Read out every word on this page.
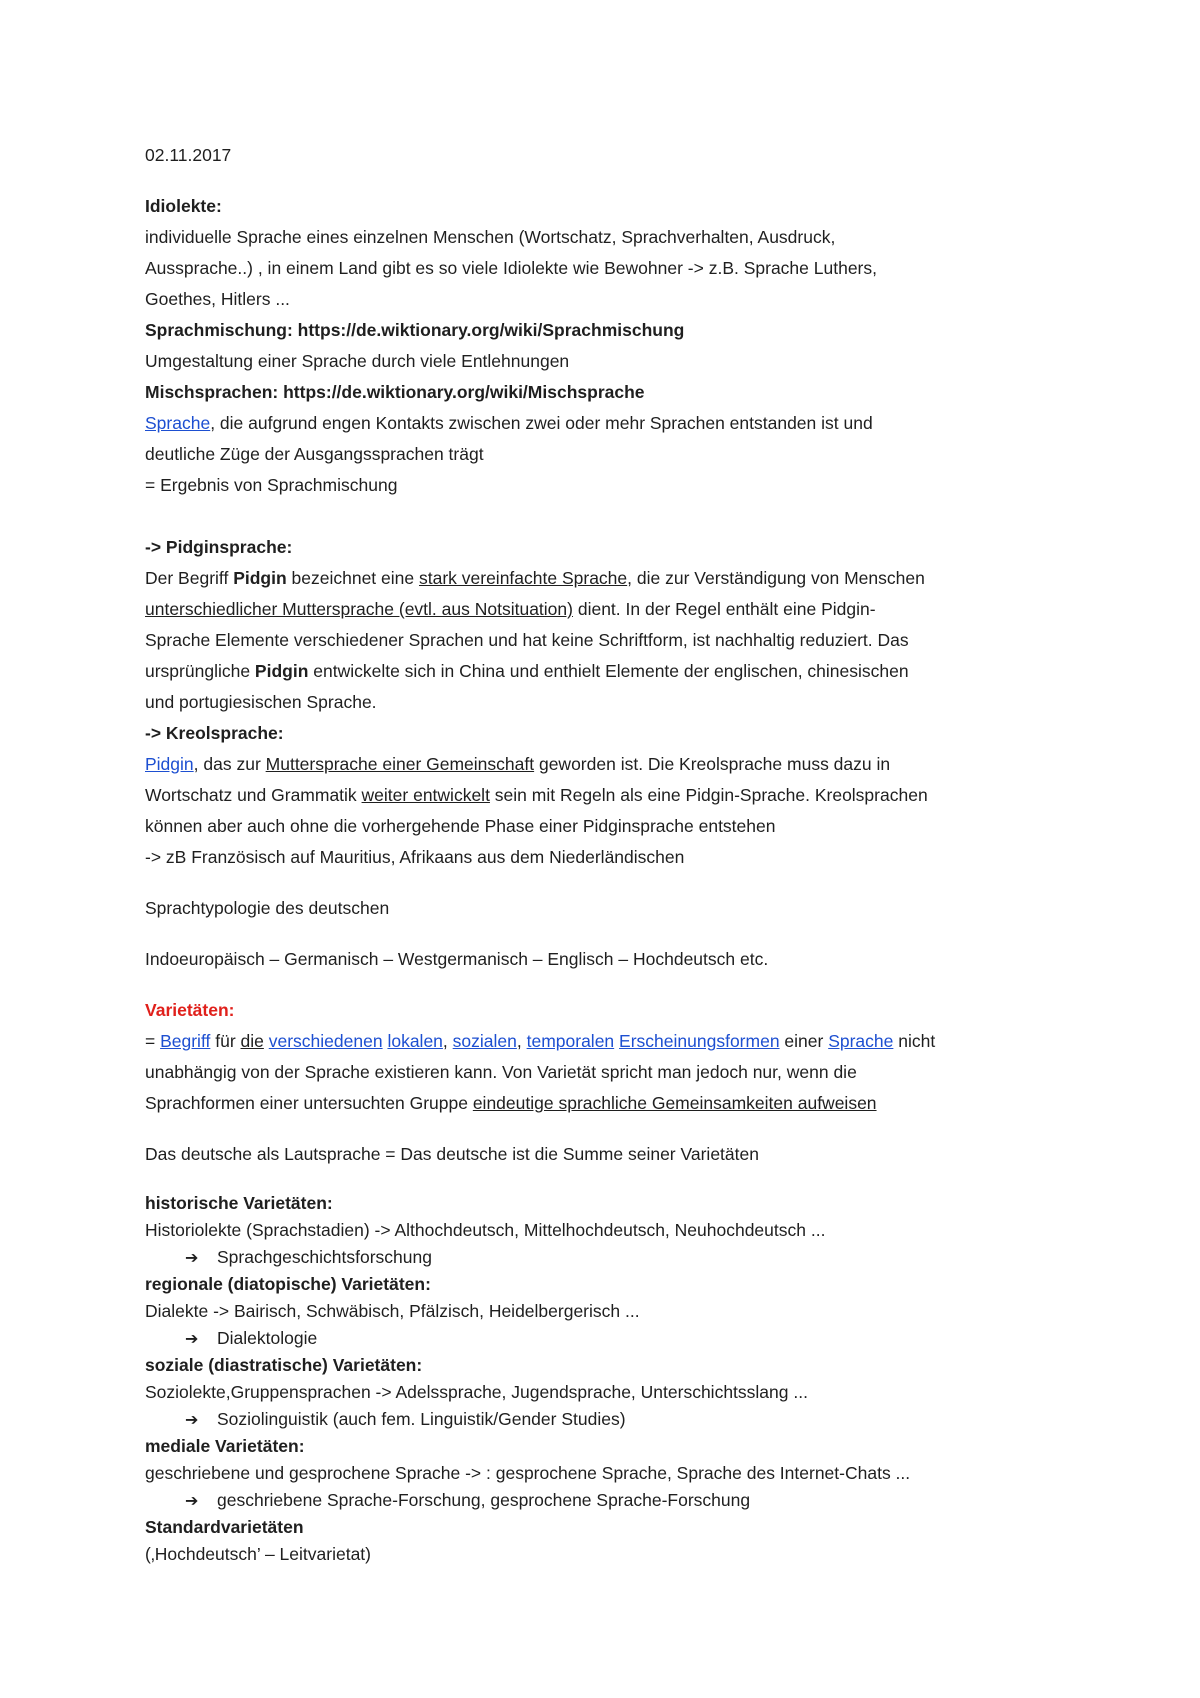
02.11.2017

Idiolekte:

individuelle Sprache eines einzelnen Menschen (Wortschatz, Sprachverhalten, Ausdruck,

Aussprache..) , in einem Land gibt es so viele Idiolekte wie Bewohner -> z.B. Sprache Luthers,

Goethes, Hitlers ...

Sprachmischung: https://de.wiktionary.org/wiki/Sprachmischung

Umgestaltung einer Sprache durch viele Entlehnungen

Mischsprachen: https://de.wiktionary.org/wiki/Mischsprache

Sprache, die aufgrund engen Kontakts zwischen zwei oder mehr Sprachen entstanden ist und

deutliche Züge der Ausgangssprachen trägt

= Ergebnis von Sprachmischung

-> Pidginsprache:

Der Begriff Pidgin bezeichnet eine stark vereinfachte Sprache, die zur Verständigung von Menschen

unterschiedlicher Muttersprache (evtl. aus Notsituation) dient. In der Regel enthält eine Pidgin-

Sprache Elemente verschiedener Sprachen und hat keine Schriftform, ist nachhaltig reduziert. Das

ursprüngliche Pidgin entwickelte sich in China und enthielt Elemente der englischen, chinesischen

und portugiesischen Sprache.

-> Kreolsprache:

Pidgin, das zur Muttersprache einer Gemeinschaft geworden ist. Die Kreolsprache muss dazu in

Wortschatz und Grammatik weiter entwickelt sein mit Regeln als eine Pidgin-Sprache. Kreolsprachen

können aber auch ohne die vorhergehende Phase einer Pidginsprache entstehen

-> zB Französisch auf Mauritius, Afrikaans aus dem Niederländischen

Sprachtypologie des deutschen

Indoeuropäisch – Germanisch – Westgermanisch – Englisch – Hochdeutsch etc.

Varietäten:

= Begriff für die verschiedenen lokalen, sozialen, temporalen Erscheinungsformen einer Sprache nicht

unabhängig von der Sprache existieren kann. Von Varietät spricht man jedoch nur, wenn die

Sprachformen einer untersuchten Gruppe eindeutige sprachliche Gemeinsamkeiten aufweisen

Das deutsche als Lautsprache = Das deutsche ist die Summe seiner Varietäten

historische Varietäten:

Historiolekte (Sprachstadien) -> Althochdeutsch, Mittelhochdeutsch, Neuhochdeutsch ...

➔ Sprachgeschichtsforschung

regionale (diatopische) Varietäten:

Dialekte -> Bairisch, Schwäbisch, Pfälzisch, Heidelbergerisch ...

➔ Dialektologie

soziale (diastratische) Varietäten:

Soziolekte,Gruppensprachen -> Adelssprache, Jugendsprache, Unterschichtsslang ...

➔ Soziolinguistik (auch fem. Linguistik/Gender Studies)

mediale Varietäten:

geschriebene und gesprochene Sprache -> : gesprochene Sprache, Sprache des Internet-Chats ...

➔ geschriebene Sprache-Forschung, gesprochene Sprache-Forschung

Standardvarietäten

(‚Hochdeutsch’ – Leitvarietat)
